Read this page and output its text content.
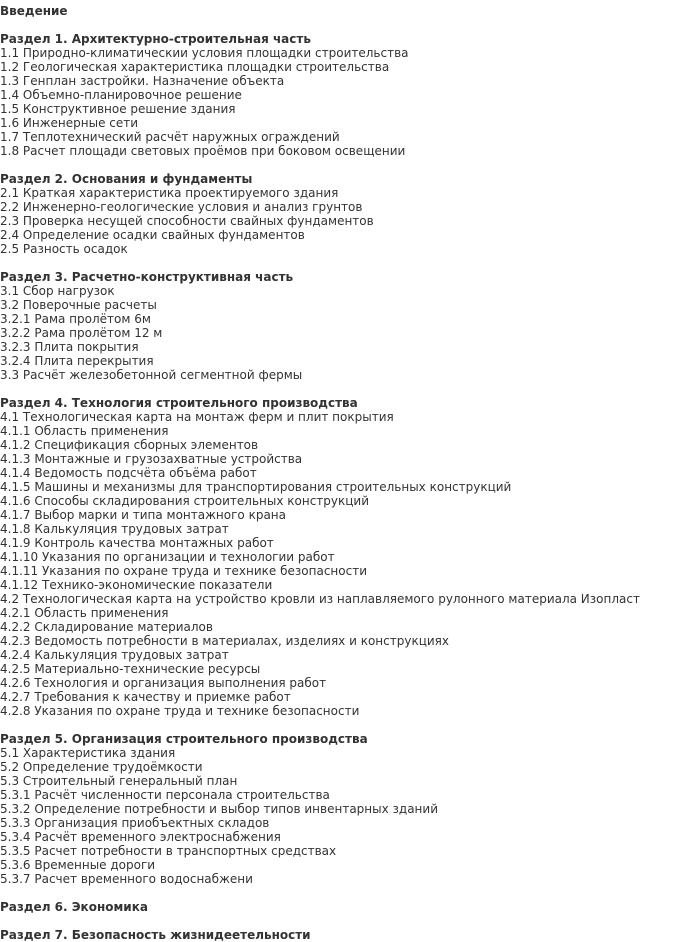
Введение
Раздел 1. Архитектурно-строительная часть
1.1 Природно-климатическии условия площадки строительства
1.2 Геологическая характеристика площадки строительства
1.3 Генплан застройки. Назначение объекта
1.4 Объемно-планировочное решение
1.5 Конструктивное решение здания
1.6 Инженерные сети
1.7 Теплотехнический расчёт наружных ограждений
1.8 Расчет площади световых проёмов при боковом освещении
Раздел 2. Основания и фундаменты
2.1 Краткая характеристика проектируемого здания
2.2 Инженерно-геологические условия и анализ грунтов
2.3 Проверка несущей способности свайных фундаментов
2.4 Определение осадки свайных фундаментов
2.5 Разность осадок
Раздел 3. Расчетно-конструктивная часть
3.1 Сбор нагрузок
3.2 Поверочные расчеты
3.2.1 Рама пролётом 6м
3.2.2 Рама пролётом 12 м
3.2.3 Плита покрытия
3.2.4 Плита перекрытия
3.3 Расчёт железобетонной сегментной фермы
Раздел 4. Технология строительного производства
4.1 Технологическая карта на монтаж ферм и плит покрытия
4.1.1 Область применения
4.1.2 Спецификация сборных элементов
4.1.3 Монтажные и грузозахватные устройства
4.1.4 Ведомость подсчёта объёма работ
4.1.5 Машины и механизмы для транспортирования строительных конструкций
4.1.6 Способы складирования строительных конструкций
4.1.7 Выбор марки и типа монтажного крана
4.1.8 Калькуляция трудовых затрат
4.1.9 Контроль качества монтажных работ
4.1.10 Указания по организации и технологии работ
4.1.11 Указания по охране труда и технике безопасности
4.1.12 Технико-экономические показатели
4.2 Технологическая карта на устройство кровли из наплавляемого рулонного материала Изопласт
4.2.1 Область применения
4.2.2 Складирование материалов
4.2.3 Ведомость потребности в материалах, изделиях и конструкциях
4.2.4 Калькуляция трудовых затрат
4.2.5 Материально-технические ресурсы
4.2.6 Технология и организация выполнения работ
4.2.7 Требования к качеству и приемке работ
4.2.8 Указания по охране труда и технике безопасности
Раздел 5. Организация строительного производства
5.1 Характеристика здания
5.2 Определение трудоёмкости
5.3 Строительный генеральный план
5.3.1 Расчёт численности персонала строительства
5.3.2 Определение потребности и выбор типов инвентарных зданий
5.3.3 Организация приобъектных складов
5.3.4 Расчёт временного электроснабжения
5.3.5 Расчет потребности в транспортных средствах
5.3.6 Временные дороги
5.3.7 Расчет временного водоснабжени
Раздел 6. Экономика
Раздел 7. Безопасность жизнидеетельности
